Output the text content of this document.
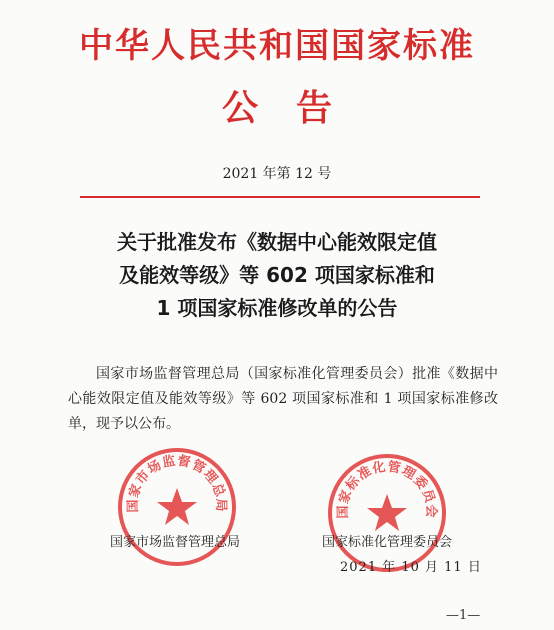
中华人民共和国国家标准
公告
2021 年第 12 号
关于批准发布《数据中心能效限定值
及能效等级》等 602 项国家标准和
1 项国家标准修改单的公告
国家市场监督管理总局（国家标准化管理委员会）批准《数据中心能效限定值及能效等级》等 602 项国家标准和 1 项国家标准修改单，现予以公布。
国家市场监督管理总局	国家标准化管理委员会
国家市场监督管理总局	国家标准化管理委员会
2021 年 10 月 11 日
—1—
